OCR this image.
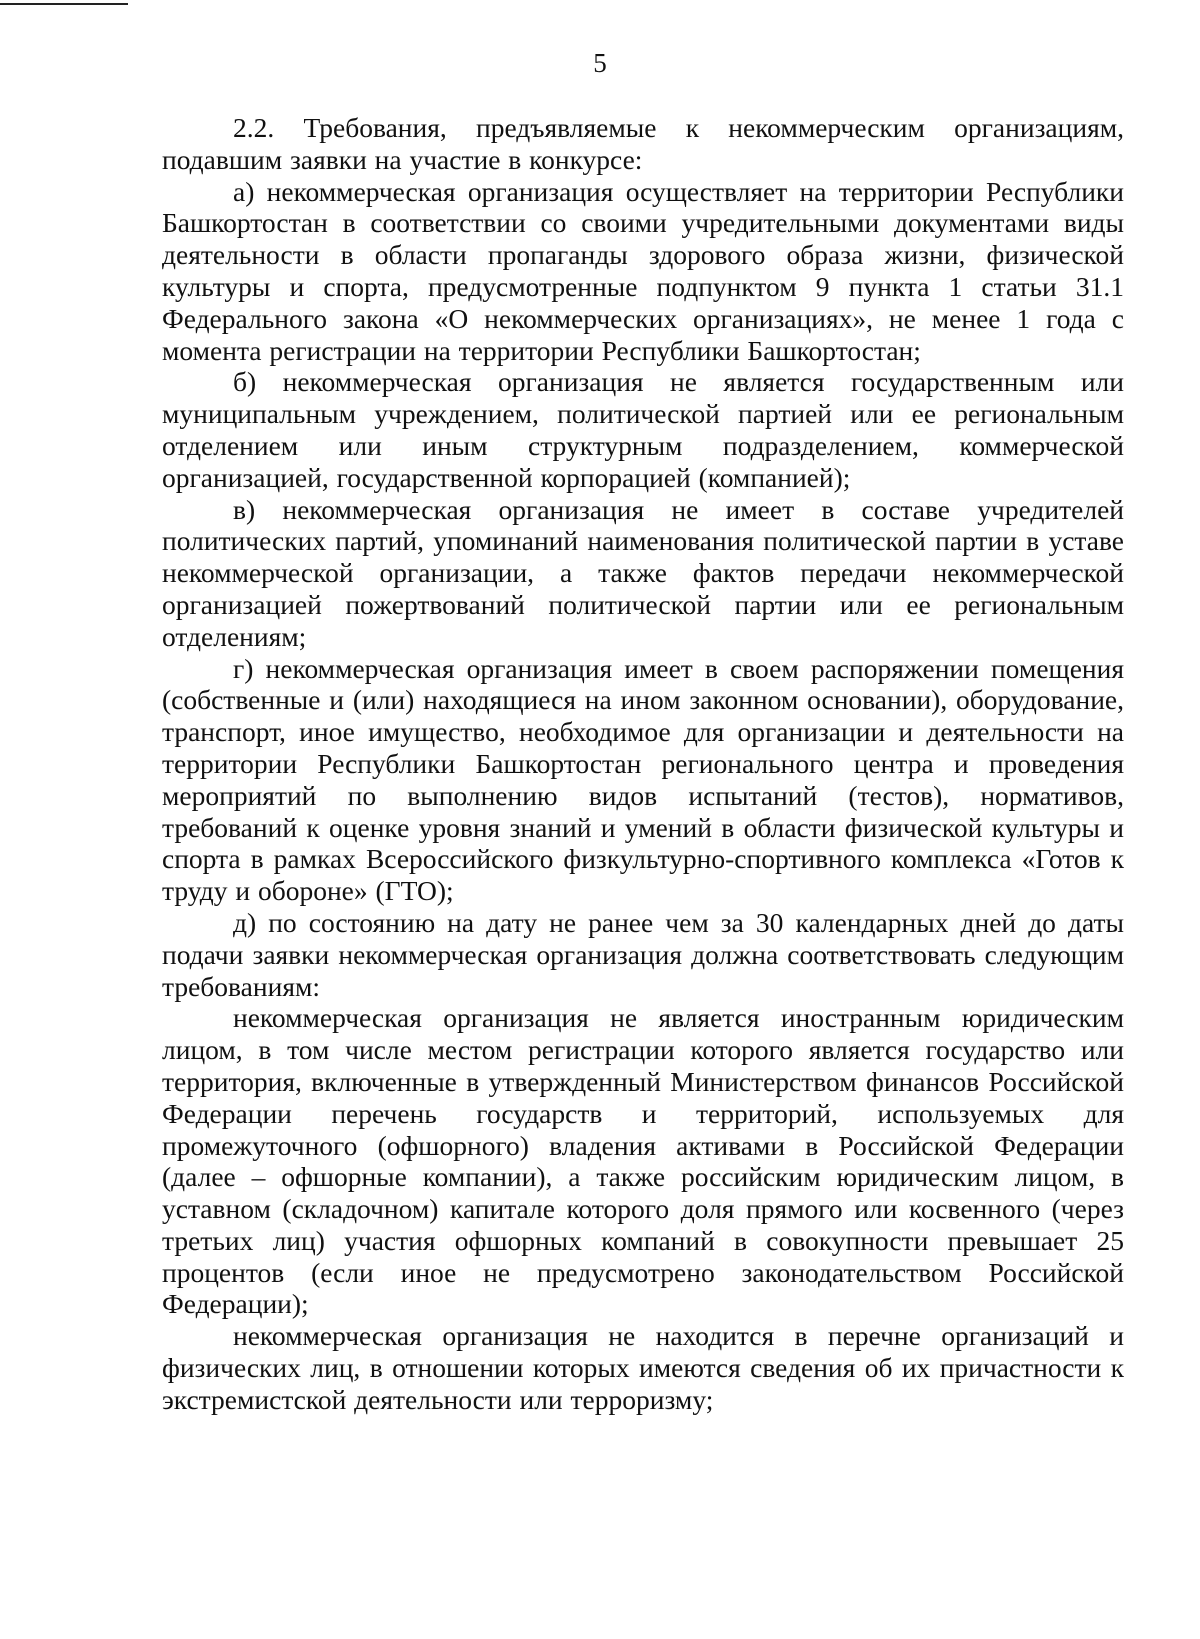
5

2.2. Требования, предъявляемые к некоммерческим организациям, подавшим заявки на участие в конкурсе:

а) некоммерческая организация осуществляет на территории Республики Башкортостан в соответствии со своими учредительными документами виды деятельности в области пропаганды здорового образа жизни, физической культуры и спорта, предусмотренные подпунктом 9 пункта 1 статьи 31.1 Федерального закона «О некоммерческих организациях», не менее 1 года с момента регистрации на территории Республики Башкортостан;

б) некоммерческая организация не является государственным или муниципальным учреждением, политической партией или ее региональным отделением или иным структурным подразделением, коммерческой организацией, государственной корпорацией (компанией);

в) некоммерческая организация не имеет в составе учредителей политических партий, упоминаний наименования политической партии в уставе некоммерческой организации, а также фактов передачи некоммерческой организацией пожертвований политической партии или ее региональным отделениям;

г) некоммерческая организация имеет в своем распоряжении помещения (собственные и (или) находящиеся на ином законном основании), оборудование, транспорт, иное имущество, необходимое для организации и деятельности на территории Республики Башкортостан регионального центра и проведения мероприятий по выполнению видов испытаний (тестов), нормативов, требований к оценке уровня знаний и умений в области физической культуры и спорта в рамках Всероссийского физкультурно-спортивного комплекса «Готов к труду и обороне» (ГТО);

д) по состоянию на дату не ранее чем за 30 календарных дней до даты подачи заявки некоммерческая организация должна соответствовать следующим требованиям:

некоммерческая организация не является иностранным юридическим лицом, в том числе местом регистрации которого является государство или территория, включенные в утвержденный Министерством финансов Российской Федерации перечень государств и территорий, используемых для промежуточного (офшорного) владения активами в Российской Федерации (далее – офшорные компании), а также российским юридическим лицом, в уставном (складочном) капитале которого доля прямого или косвенного (через третьих лиц) участия офшорных компаний в совокупности превышает 25 процентов (если иное не предусмотрено законодательством Российской Федерации);

некоммерческая организация не находится в перечне организаций и физических лиц, в отношении которых имеются сведения об их причастности к экстремистской деятельности или терроризму;
